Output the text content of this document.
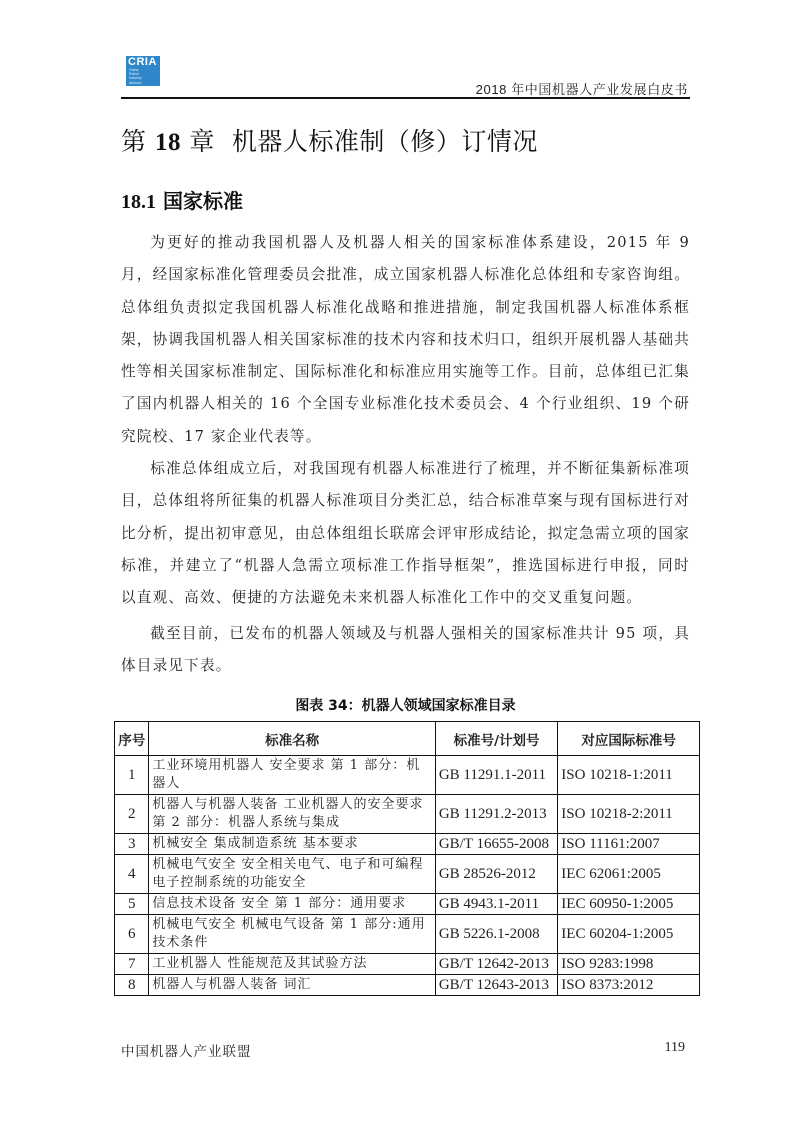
CRIA
China
Robot
Industry
Alliance	2018 年中国机器人产业发展白皮书
第 18 章 机器人标准制（修）订情况
18.1 国家标准

为更好的推动我国机器人及机器人相关的国家标准体系建设，2015 年 9 月，经国家标准化管理委员会批准，成立国家机器人标准化总体组和专家咨询组。总体组负责拟定我国机器人标准化战略和推进措施，制定我国机器人标准体系框架，协调我国机器人相关国家标准的技术内容和技术归口，组织开展机器人基础共性等相关国家标准制定、国际标准化和标准应用实施等工作。目前，总体组已汇集了国内机器人相关的 16 个全国专业标准化技术委员会、4 个行业组织、19 个研究院校、17 家企业代表等。

标准总体组成立后，对我国现有机器人标准进行了梳理，并不断征集新标准项目，总体组将所征集的机器人标准项目分类汇总，结合标准草案与现有国标进行对比分析，提出初审意见，由总体组组长联席会评审形成结论，拟定急需立项的国家标准，并建立了“机器人急需立项标准工作指导框架”，推选国标进行申报，同时以直观、高效、便捷的方法避免未来机器人标准化工作中的交叉重复问题。

截至目前，已发布的机器人领域及与机器人强相关的国家标准共计 95 项，具体目录见下表。

图表 34：机器人领域国家标准目录
序号	标准名称	标准号/计划号	对应国际标准号
1	工业环境用机器人 安全要求 第 1 部分：机器人	GB 11291.1-2011	ISO 10218-1:2011
2	机器人与机器人装备 工业机器人的安全要求 第 2 部分：机器人系统与集成	GB 11291.2-2013	ISO 10218-2:2011
3	机械安全 集成制造系统 基本要求	GB/T 16655-2008	ISO 11161:2007
4	机械电气安全 安全相关电气、电子和可编程电子控制系统的功能安全	GB 28526-2012	IEC 62061:2005
5	信息技术设备 安全 第 1 部分：通用要求	GB 4943.1-2011	IEC 60950-1:2005
6	机械电气安全 机械电气设备 第 1 部分:通用技术条件	GB 5226.1-2008	IEC 60204-1:2005
7	工业机器人 性能规范及其试验方法	GB/T 12642-2013	ISO 9283:1998
8	机器人与机器人装备 词汇	GB/T 12643-2013	ISO 8373:2012
中国机器人产业联盟	119
